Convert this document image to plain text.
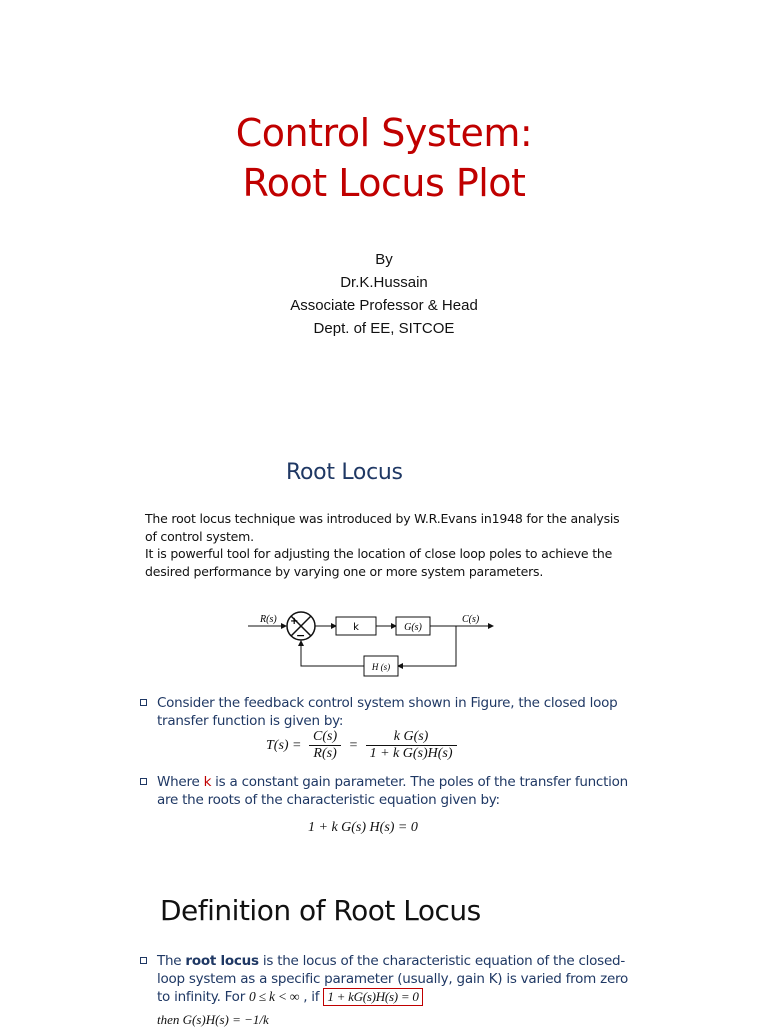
Control System:
Root Locus Plot
By
Dr.K.Hussain
Associate Professor & Head
Dept. of EE, SITCOE
Root Locus

The root locus technique was introduced by W.R.Evans in1948 for the analysis of control system.

It is powerful tool for adjusting the location of close loop poles to achieve the desired performance by varying one or more system parameters.

R(s) +
−
k	G(s)
C(s)
H (s)
Consider the feedback control system shown in Figure, the closed loop transfer function is given by:
$T(s) = \frac{C(s)}{R(s)} = \frac{\text{k G(s)}}{\text{1 + k G(s)H(s)}}$
Where k is a constant gain parameter. The poles of the transfer function are the roots of the characteristic equation given by:
1 + k G(s) H(s) = 0
Definition of Root Locus
The root locus is the locus of the characteristic equation of the closed-loop system as a specific parameter (usually, gain K) is varied from zero to infinity. For 0 ≤ k < ∞ , if 1 + kG(s)H(s) = 0
then G(s)H(s) = −1/k
